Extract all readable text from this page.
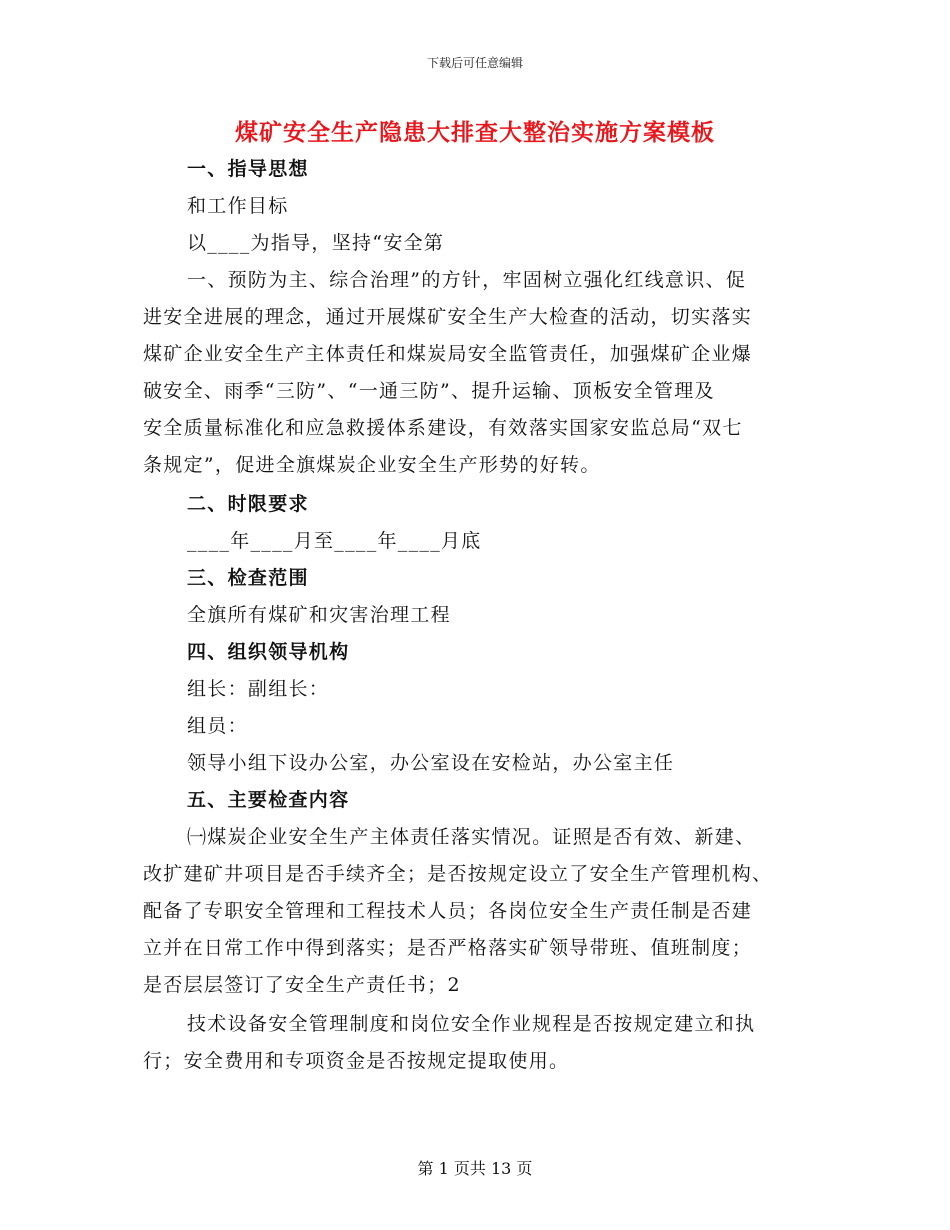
下载后可任意编辑
煤矿安全生产隐患大排查大整治实施方案模板
一、指导思想
和工作目标
以____为指导，坚持“安全第
一、预防为主、综合治理”的方针，牢固树立强化红线意识、促
进安全进展的理念，通过开展煤矿安全生产大检查的活动，切实落实
煤矿企业安全生产主体责任和煤炭局安全监管责任，加强煤矿企业爆
破安全、雨季“三防”、“一通三防”、提升运输、顶板安全管理及
安全质量标准化和应急救援体系建设，有效落实国家安监总局“双七
条规定”，促进全旗煤炭企业安全生产形势的好转。
二、时限要求
____年____月至____年____月底
三、检查范围
全旗所有煤矿和灾害治理工程
四、组织领导机构
组长：副组长：
组员：
领导小组下设办公室，办公室设在安检站，办公室主任
五、主要检查内容
㈠煤炭企业安全生产主体责任落实情况。证照是否有效、新建、
改扩建矿井项目是否手续齐全；是否按规定设立了安全生产管理机构、
配备了专职安全管理和工程技术人员；各岗位安全生产责任制是否建
立并在日常工作中得到落实；是否严格落实矿领导带班、值班制度；
是否层层签订了安全生产责任书；2
技术设备安全管理制度和岗位安全作业规程是否按规定建立和执
行；安全费用和专项资金是否按规定提取使用。
第 1 页共 13 页
